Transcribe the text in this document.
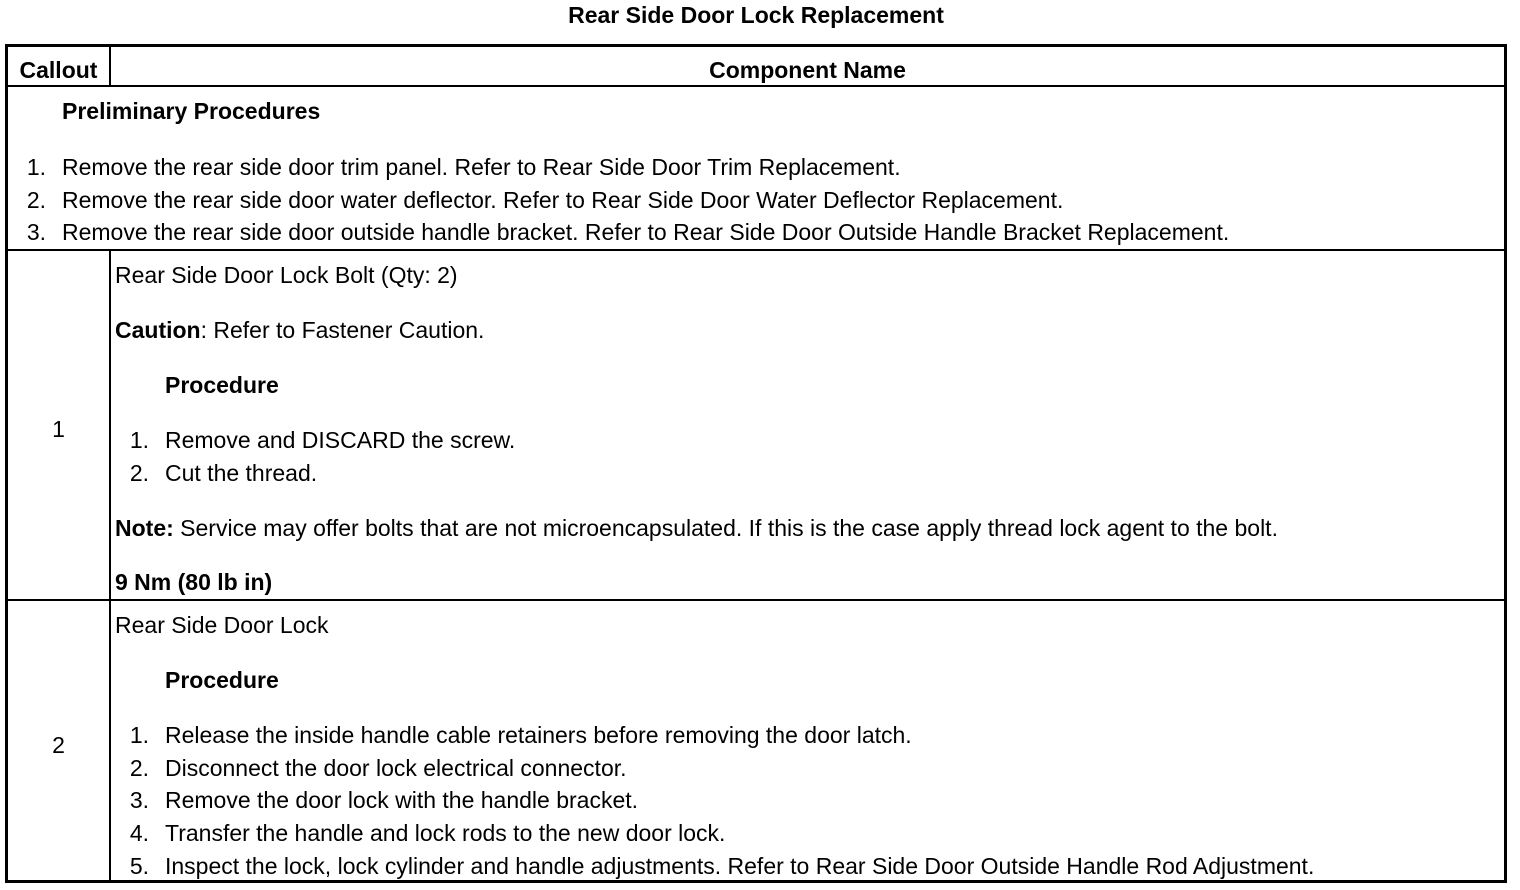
Rear Side Door Lock Replacement
Callout	Component Name
Preliminary Procedures
1. Remove the rear side door trim panel. Refer to Rear Side Door Trim Replacement.
2. Remove the rear side door water deflector. Refer to Rear Side Door Water Deflector Replacement.
3. Remove the rear side door outside handle bracket. Refer to Rear Side Door Outside Handle Bracket Replacement.
1
Rear Side Door Lock Bolt (Qty: 2)
Caution: Refer to Fastener Caution.
Procedure
1. Remove and DISCARD the screw.
2. Cut the thread.
Note: Service may offer bolts that are not microencapsulated. If this is the case apply thread lock agent to the bolt.
9 Nm (80 lb in)
2
Rear Side Door Lock
Procedure
1. Release the inside handle cable retainers before removing the door latch.
2. Disconnect the door lock electrical connector.
3. Remove the door lock with the handle bracket.
4. Transfer the handle and lock rods to the new door lock.
5. Inspect the lock, lock cylinder and handle adjustments. Refer to Rear Side Door Outside Handle Rod Adjustment.
